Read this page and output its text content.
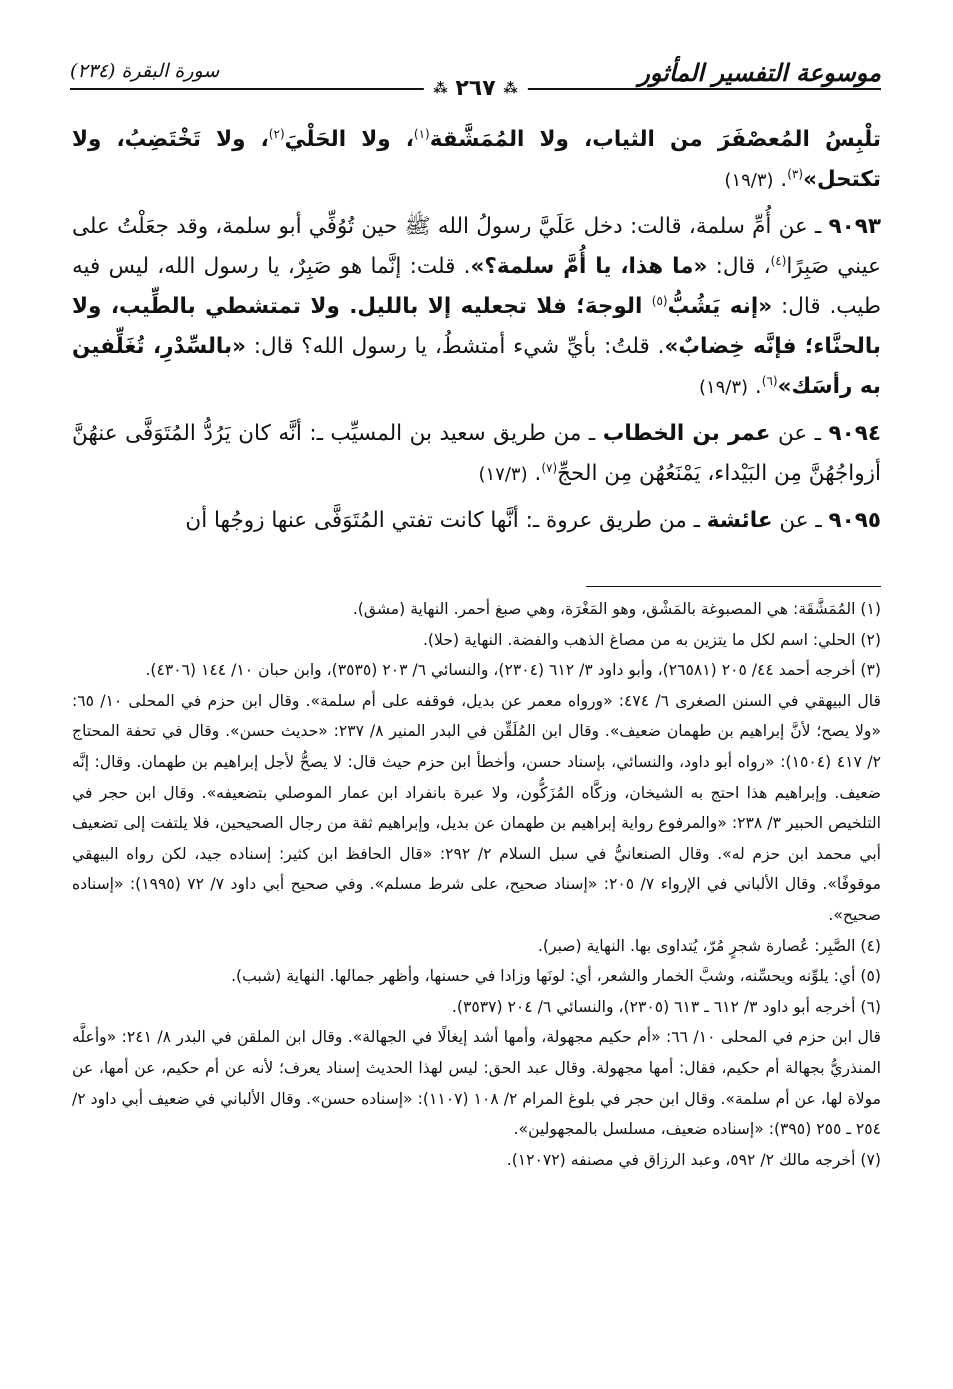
موسوعة التفسير المأثور
⁂ ٢٦٧ ⁂
سورة البقرة (٢٣٤)

تلْبِسُ المُعصْفَرَ من الثياب، ولا المُمَشَّقة$^{(١)}$، ولا الحَلْيَ$^{(٢)}$، ولا تَخْتَضِبُ، ولا تكتحل»$^{(٣)}$. (١٩/٣)

٩٠٩٣ ـ عن أُمِّ سلمة، قالت: دخل عَلَيَّ رسولُ الله ﷺ حين تُوُفِّي أبو سلمة، وقد جعَلْتُ على عيني صَبِرًا$^{(٤)}$، قال: «ما هذا، يا أُمَّ سلمة؟». قلت: إنَّما هو صَبِرٌ، يا رسول الله، ليس فيه طيب. قال: «إنه يَشُبُّ$^{(٥)}$ الوجهَ؛ فلا تجعليه إلا بالليل. ولا تمتشطي بالطِّيب، ولا بالحنَّاء؛ فإنَّه خِضابٌ». قلتُ: بأيِّ شيء أمتشطُ، يا رسول الله؟ قال: «بالسِّدْرِ، تُغَلِّفين به رأسَك»$^{(٦)}$. (١٩/٣)

٩٠٩٤ ـ عن عمر بن الخطاب ـ من طريق سعيد بن المسيِّب ـ: أنَّه كان يَرُدُّ المُتَوَفَّى عنهُنَّ أزواجُهُنَّ مِن البَيْداء، يَمْنَعُهُن مِن الحجِّ$^{(٧)}$. (١٧/٣)

٩٠٩٥ ـ عن عائشة ـ من طريق عروة ـ: أنَّها كانت تفتي المُتَوَفَّى عنها زوجُها أن

(١) المُمَشَّقَة: هي المصبوغة بالمَشْق، وهو المَغْرَة، وهي صبغ أحمر. النهاية (مشق).

(٢) الحلي: اسم لكل ما يتزين به من مصاغ الذهب والفضة. النهاية (حلا).

(٣) أخرجه أحمد ٤٤/ ٢٠٥ (٢٦٥٨١)، وأبو داود ٣/ ٦١٢ (٢٣٠٤)، والنسائي ٦/ ٢٠٣ (٣٥٣٥)، وابن حبان ١٠/ ١٤٤ (٤٣٠٦).

قال البيهقي في السنن الصغرى ٦/ ٤٧٤: «ورواه معمر عن بديل، فوقفه على أم سلمة». وقال ابن حزم في المحلى ١٠/ ٦٥: «ولا يصح؛ لأنَّ إبراهيم بن طهمان ضعيف». وقال ابن المُلَقِّن في البدر المنير ٨/ ٢٣٧: «حديث حسن». وقال في تحفة المحتاج ٢/ ٤١٧ (١٥٠٤): «رواه أبو داود، والنسائي، بإسناد حسن، وأخطأ ابن حزم حيث قال: لا يصحُّ لأجل إبراهيم بن طهمان. وقال: إنَّه ضعيف. وإبراهيم هذا احتج به الشيخان، وزكَّاه المُزَكُّون، ولا عبرة بانفراد ابن عمار الموصلي بتضعيفه». وقال ابن حجر في التلخيص الحبير ٣/ ٢٣٨: «والمرفوع رواية إبراهيم بن طهمان عن بديل، وإبراهيم ثقة من رجال الصحيحين، فلا يلتفت إلى تضعيف أبي محمد ابن حزم له». وقال الصنعانيُّ في سبل السلام ٢/ ٢٩٢: «قال الحافظ ابن كثير: إسناده جيد، لكن رواه البيهقي موقوفًا». وقال الألباني في الإرواء ٧/ ٢٠٥: «إسناد صحيح، على شرط مسلم». وفي صحيح أبي داود ٧/ ٧٢ (١٩٩٥): «إسناده صحيح».

(٤) الصَّبِر: عُصارة شجرٍ مُرّ، يُتداوى بها. النهاية (صبر).

(٥) أي: يلوِّنه ويحسِّنه، وشبَّ الخمار والشعر، أي: لونَها وزادا في حسنها، وأظهر جمالها. النهاية (شبب).

(٦) أخرجه أبو داود ٣/ ٦١٢ ـ ٦١٣ (٢٣٠٥)، والنسائي ٦/ ٢٠٤ (٣٥٣٧).

قال ابن حزم في المحلى ١٠/ ٦٦: «أم حكيم مجهولة، وأمها أشد إيغالًا في الجهالة». وقال ابن الملقن في البدر ٨/ ٢٤١: «وأعلَّه المنذريُّ بجهالة أم حكيم، فقال: أمها مجهولة. وقال عبد الحق: ليس لهذا الحديث إسناد يعرف؛ لأنه عن أم حكيم، عن أمها، عن مولاة لها، عن أم سلمة». وقال ابن حجر في بلوغ المرام ٢/ ١٠٨ (١١٠٧): «إسناده حسن». وقال الألباني في ضعيف أبي داود ٢/ ٢٥٤ ـ ٢٥٥ (٣٩٥): «إسناده ضعيف، مسلسل بالمجهولين».

(٧) أخرجه مالك ٢/ ٥٩٢، وعبد الرزاق في مصنفه (١٢٠٧٢).
